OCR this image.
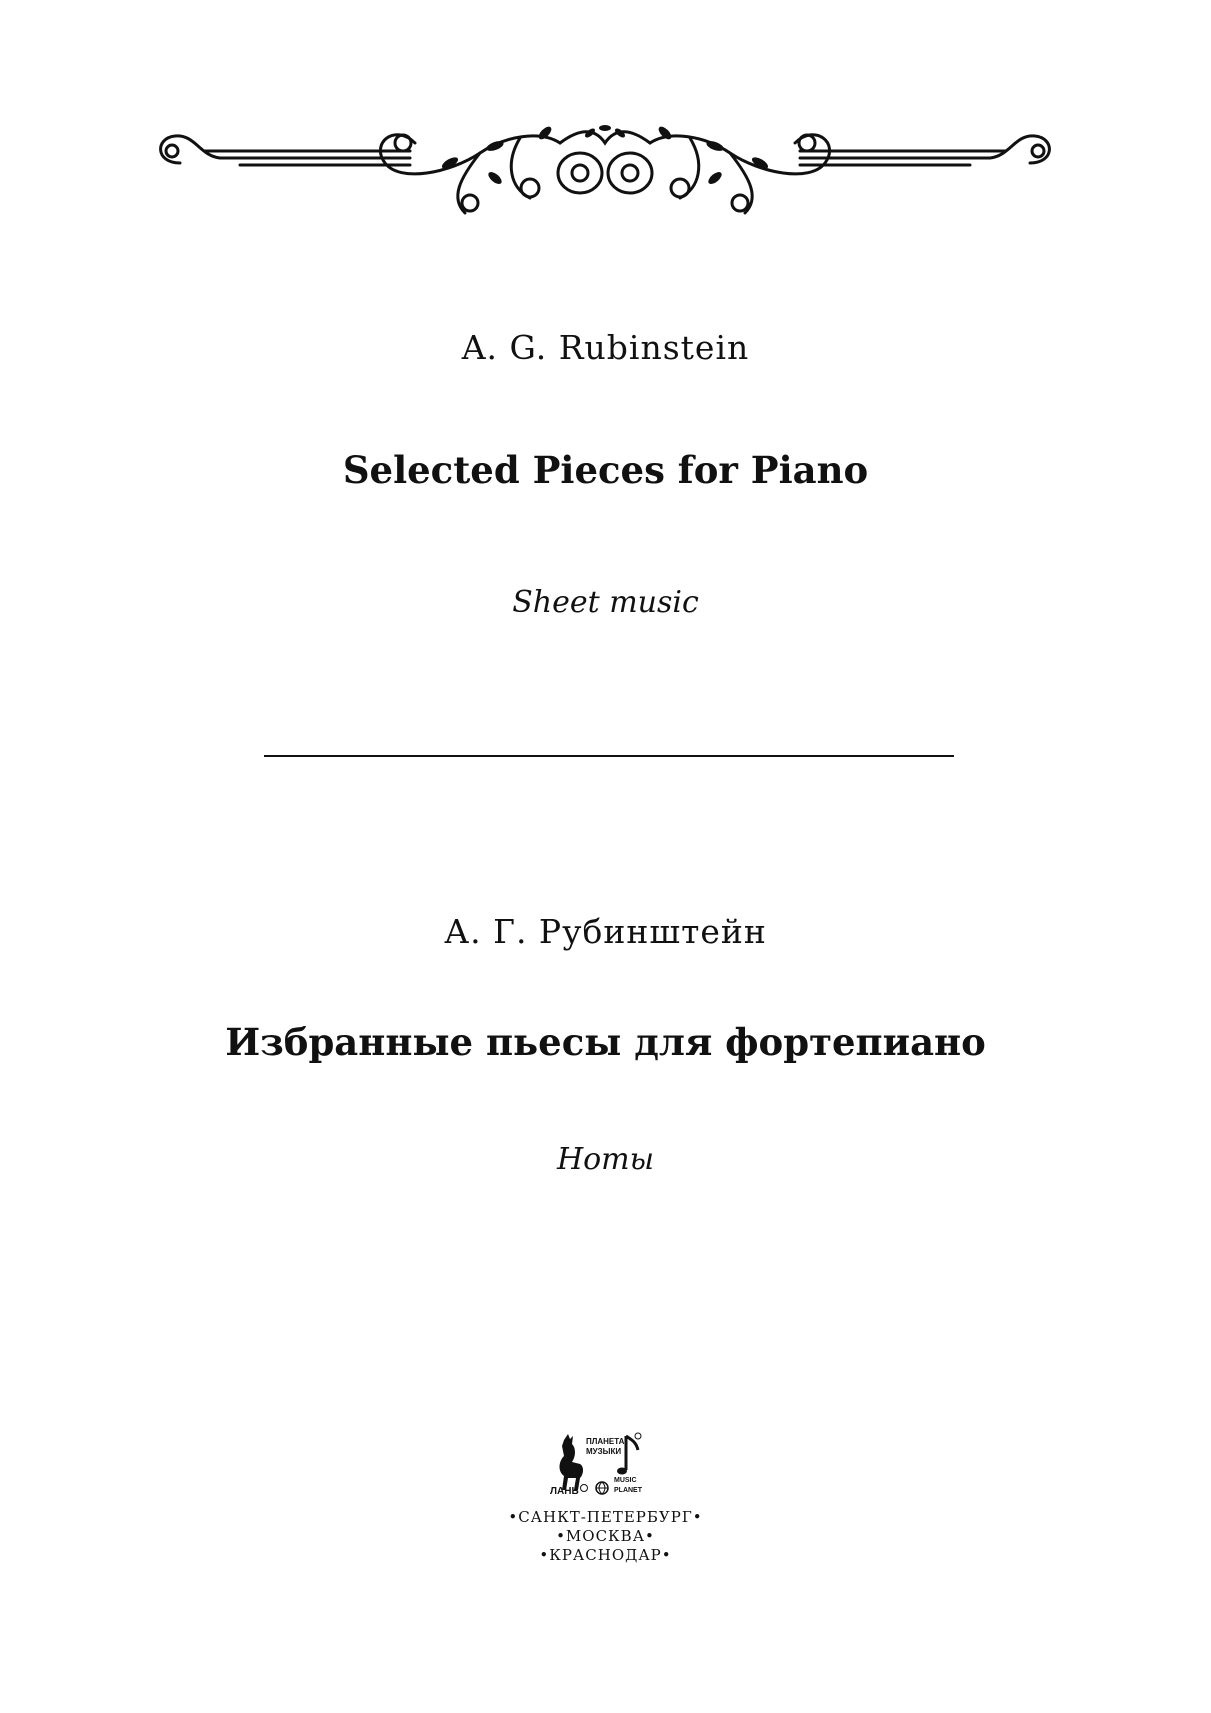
A. G. Rubinstein
Selected Pieces for Piano
Sheet music
А. Г. Рубинштейн
Избранные пьесы для фортепиано
Ноты
ПЛАНЕТА
МУЗЫКИ
ЛАНЬ
MUSIC
PLANET
•САНКТ-ПЕТЕРБУРГ•
•МОСКВА•
•КРАСНОДАР•
